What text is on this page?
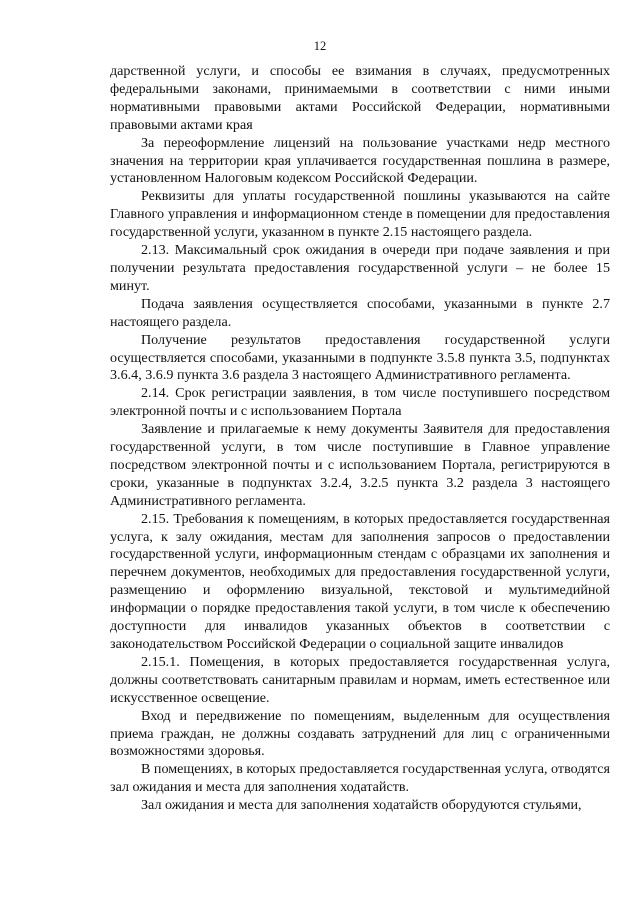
12

дарственной услуги, и способы ее взимания в случаях, предусмотренных федеральными законами, принимаемыми в соответствии с ними иными нормативными правовыми актами Российской Федерации, нормативными правовыми актами края

За переоформление лицензий на пользование участками недр местного значения на территории края уплачивается государственная пошлина в размере, установленном Налоговым кодексом Российской Федерации.

Реквизиты для уплаты государственной пошлины указываются на сайте Главного управления и информационном стенде в помещении для предоставления государственной услуги, указанном в пункте 2.15 настоящего раздела.

2.13. Максимальный срок ожидания в очереди при подаче заявления и при получении результата предоставления государственной услуги – не более 15 минут.

Подача заявления осуществляется способами, указанными в пункте 2.7 настоящего раздела.

Получение результатов предоставления государственной услуги осуществляется способами, указанными в подпункте 3.5.8 пункта 3.5, подпунктах 3.6.4, 3.6.9 пункта 3.6 раздела 3 настоящего Административного регламента.

2.14. Срок регистрации заявления, в том числе поступившего посредством электронной почты и с использованием Портала

Заявление и прилагаемые к нему документы Заявителя для предоставления государственной услуги, в том числе поступившие в Главное управление посредством электронной почты и с использованием Портала, регистрируются в сроки, указанные в подпунктах 3.2.4, 3.2.5 пункта 3.2 раздела 3 настоящего Административного регламента.

2.15. Требования к помещениям, в которых предоставляется государственная услуга, к залу ожидания, местам для заполнения запросов о предоставлении государственной услуги, информационным стендам с образцами их заполнения и перечнем документов, необходимых для предоставления государственной услуги, размещению и оформлению визуальной, текстовой и мультимедийной информации о порядке предоставления такой услуги, в том числе к обеспечению доступности для инвалидов указанных объектов в соответствии с законодательством Российской Федерации о социальной защите инвалидов

2.15.1. Помещения, в которых предоставляется государственная услуга, должны соответствовать санитарным правилам и нормам, иметь естественное или искусственное освещение.

Вход и передвижение по помещениям, выделенным для осуществления приема граждан, не должны создавать затруднений для лиц с ограниченными возможностями здоровья.

В помещениях, в которых предоставляется государственная услуга, отводятся зал ожидания и места для заполнения ходатайств.

Зал ожидания и места для заполнения ходатайств оборудуются стульями,
